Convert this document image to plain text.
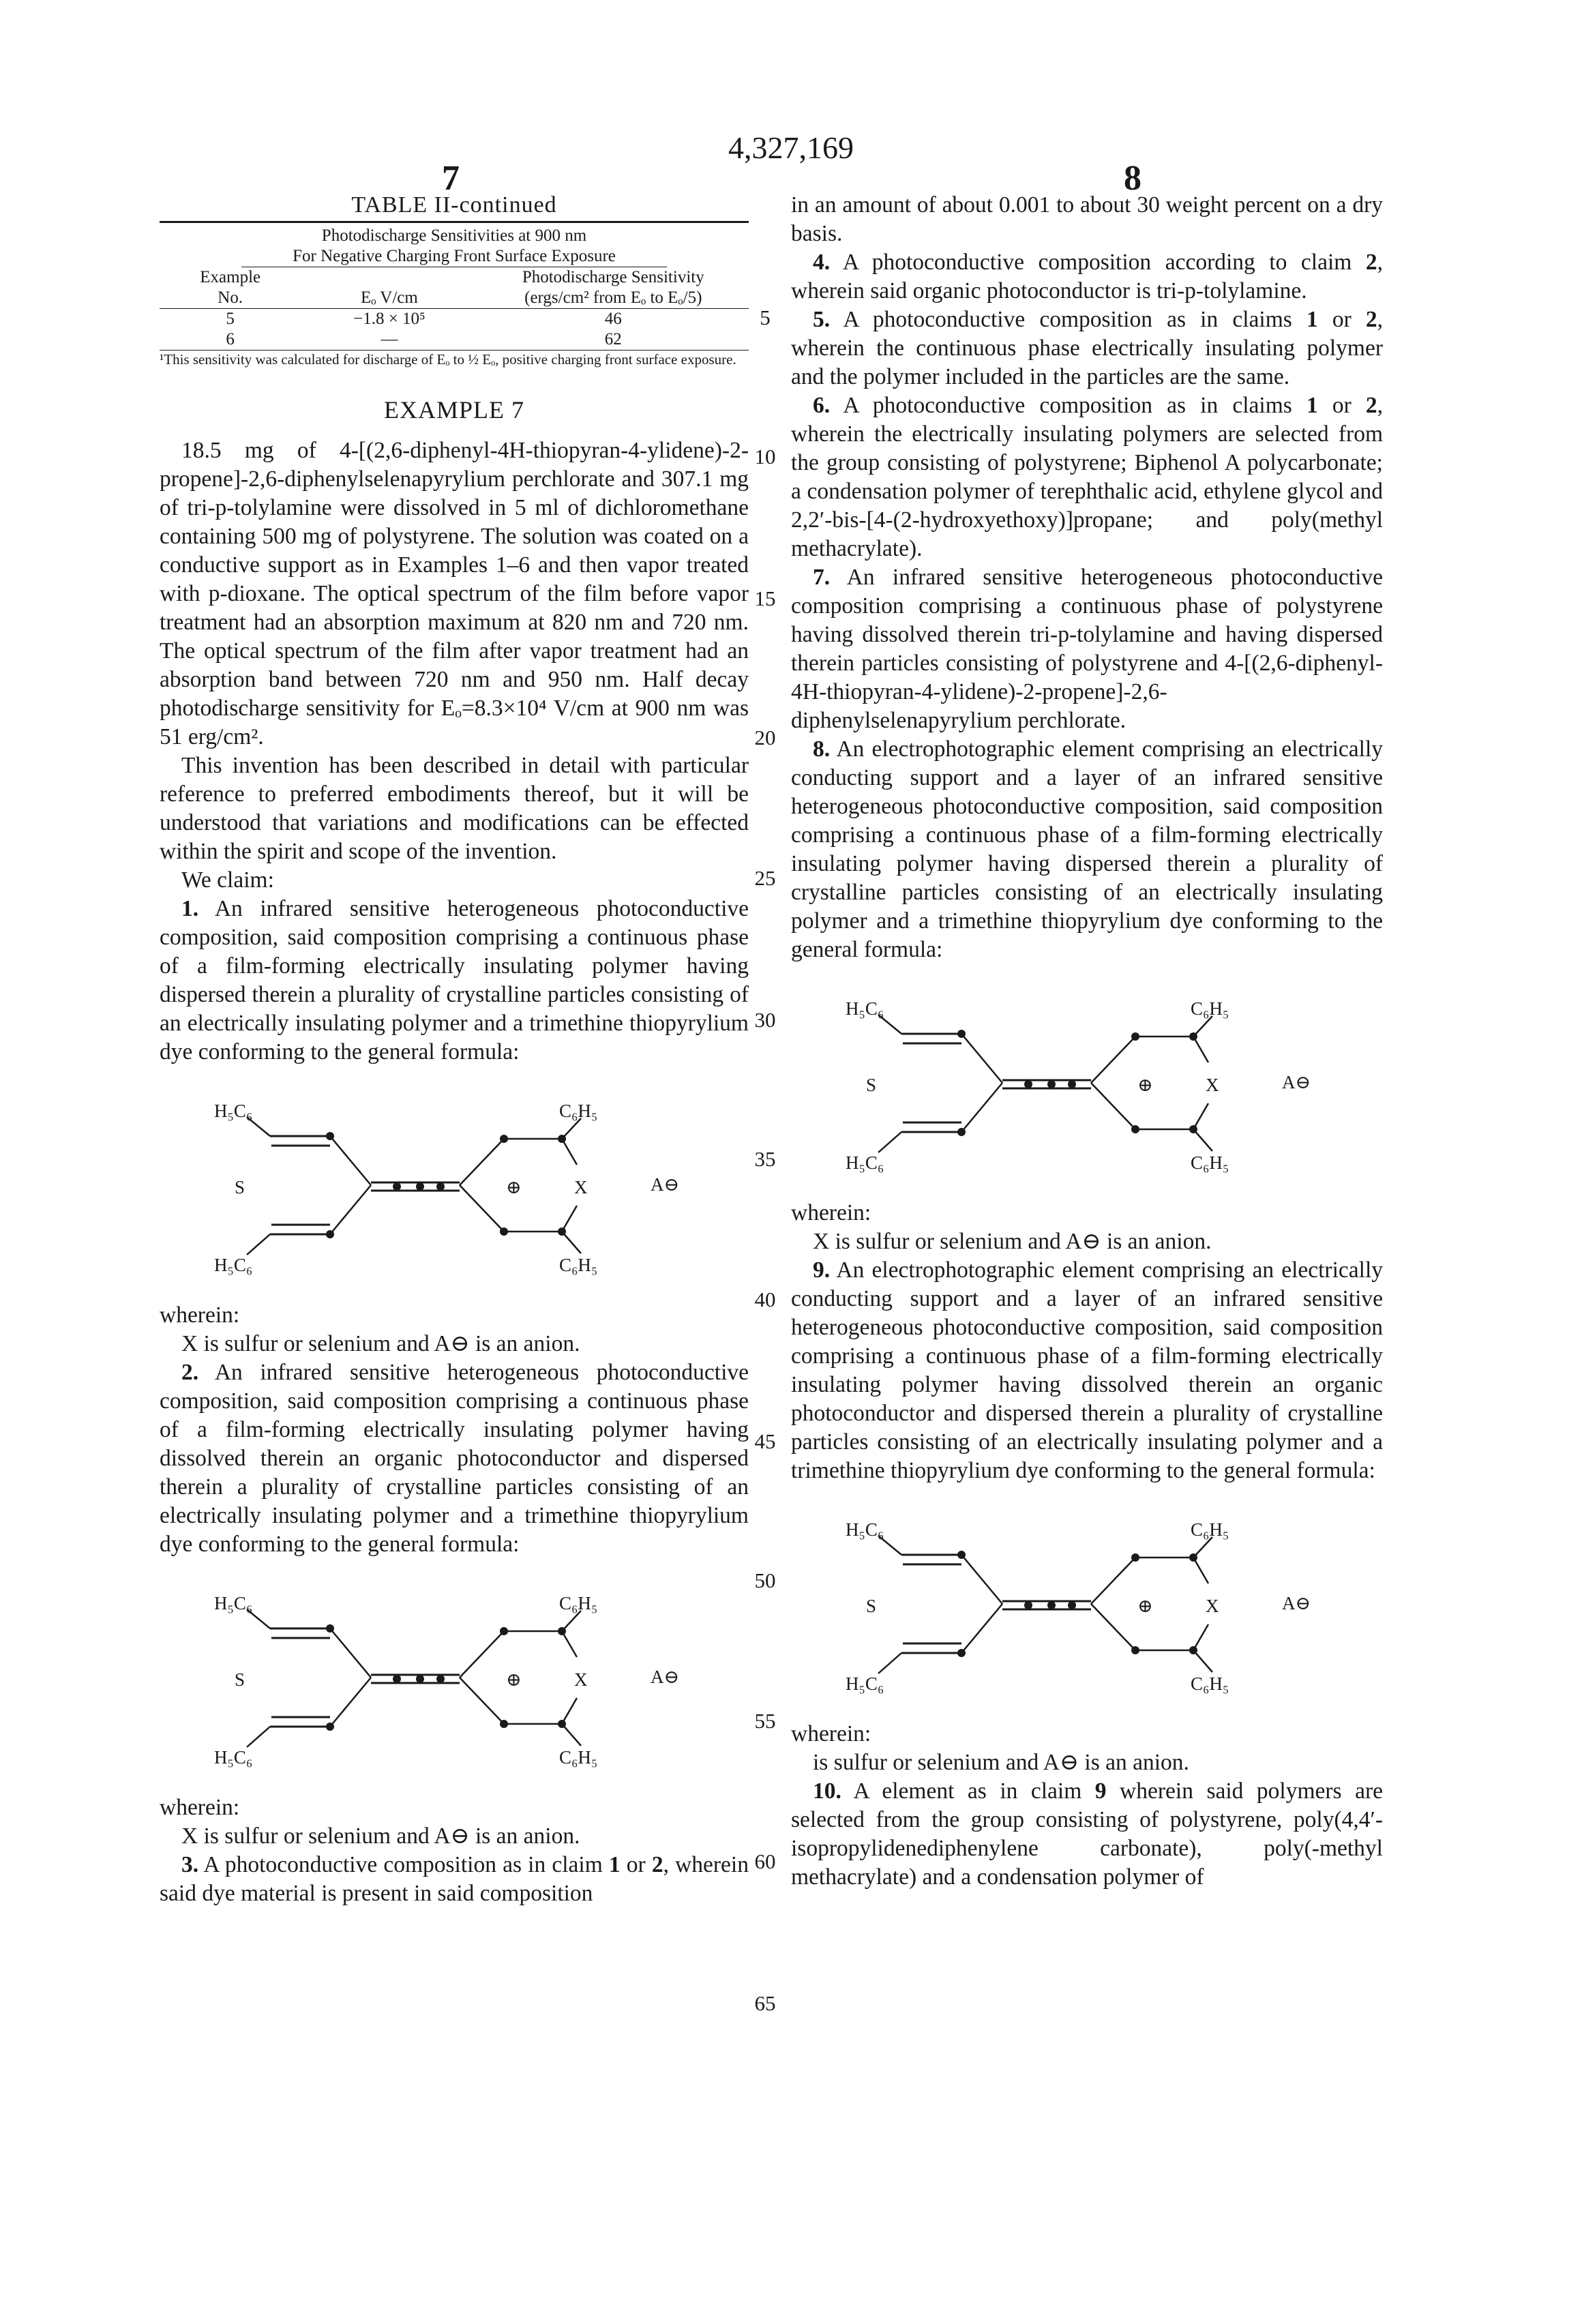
4,327,169
7	8
5
10
15
20
25
30
35
40
45
50
55
60
65
TABLE II-continued
Photodischarge Sensitivities at 900 nm

For Negative Charging Front Surface Exposure

Example		Photodischarge Sensitivity
No.	Eₒ V/cm	(ergs/cm² from Eₒ to Eₒ/5)
5	−1.8 × 10⁵	46
6	—	62

¹This sensitivity was calculated for discharge of Eₒ to ½ Eₒ, positive charging front surface exposure.

EXAMPLE 7

18.5 mg of 4-[(2,6-diphenyl-4H-thiopyran-4-ylidene)-2-propene]-2,6-diphenylselenapyrylium perchlorate and 307.1 mg of tri-p-tolylamine were dissolved in 5 ml of dichloromethane containing 500 mg of polystyrene. The solution was coated on a conductive support as in Examples 1–6 and then vapor treated with p-dioxane. The optical spectrum of the film before vapor treatment had an absorption maximum at 820 nm and 720 nm. The optical spectrum of the film after vapor treatment had an absorption band between 720 nm and 950 nm. Half decay photodischarge sensitivity for Eₒ=8.3×10⁴ V/cm at 900 nm was 51 erg/cm².

This invention has been described in detail with particular reference to preferred embodiments thereof, but it will be understood that variations and modifications can be effected within the spirit and scope of the invention.

We claim:

1. An infrared sensitive heterogeneous photoconductive composition, said composition comprising a continuous phase of a film-forming electrically insulating polymer having dispersed therein a plurality of crystalline particles consisting of an electrically insulating polymer and a trimethine thiopyrylium dye conforming to the general formula:

H₅C₆	C₆H₅
S	⊕	X	A⊖
H₅C₆	C₆H₅

wherein:

X is sulfur or selenium and A⊖ is an anion.

2. An infrared sensitive heterogeneous photoconductive composition, said composition comprising a continuous phase of a film-forming electrically insulating polymer having dissolved therein an organic photoconductor and dispersed therein a plurality of crystalline particles consisting of an electrically insulating polymer and a trimethine thiopyrylium dye conforming to the general formula:

H₅C₆	C₆H₅
S	⊕	X	A⊖
H₅C₆	C₆H₅

wherein:

X is sulfur or selenium and A⊖ is an anion.

3. A photoconductive composition as in claim 1 or 2, wherein said dye material is present in said composition

in an amount of about 0.001 to about 30 weight percent on a dry basis.

4. A photoconductive composition according to claim 2, wherein said organic photoconductor is tri-p-tolylamine.

5. A photoconductive composition as in claims 1 or 2, wherein the continuous phase electrically insulating polymer and the polymer included in the particles are the same.

6. A photoconductive composition as in claims 1 or 2, wherein the electrically insulating polymers are selected from the group consisting of polystyrene; Biphenol A polycarbonate; a condensation polymer of terephthalic acid, ethylene glycol and 2,2′-bis-[4-(2-hydroxyethoxy)]propane; and poly(methyl methacrylate).

7. An infrared sensitive heterogeneous photoconductive composition comprising a continuous phase of polystyrene having dissolved therein tri-p-tolylamine and having dispersed therein particles consisting of polystyrene and 4-[(2,6-diphenyl-4H-thiopyran-4-ylidene)-2-propene]-2,6-diphenylselenapyrylium perchlorate.

8. An electrophotographic element comprising an electrically conducting support and a layer of an infrared sensitive heterogeneous photoconductive composition, said composition comprising a continuous phase of a film-forming electrically insulating polymer having dispersed therein a plurality of crystalline particles consisting of an electrically insulating polymer and a trimethine thiopyrylium dye conforming to the general formula:

H₅C₆	C₆H₅
S	⊕	X	A⊖
H₅C₆	C₆H₅

wherein:

X is sulfur or selenium and A⊖ is an anion.

9. An electrophotographic element comprising an electrically conducting support and a layer of an infrared sensitive heterogeneous photoconductive composition, said composition comprising a continuous phase of a film-forming electrically insulating polymer having dissolved therein an organic photoconductor and dispersed therein a plurality of crystalline particles consisting of an electrically insulating polymer and a trimethine thiopyrylium dye conforming to the general formula:

H₅C₆	C₆H₅
S	⊕	X	A⊖
H₅C₆	C₆H₅

wherein:

is sulfur or selenium and A⊖ is an anion.

10. A element as in claim 9 wherein said polymers are selected from the group consisting of polystyrene, poly(4,4′-isopropylidenediphenylene carbonate), poly(-methyl methacrylate) and a condensation polymer of
